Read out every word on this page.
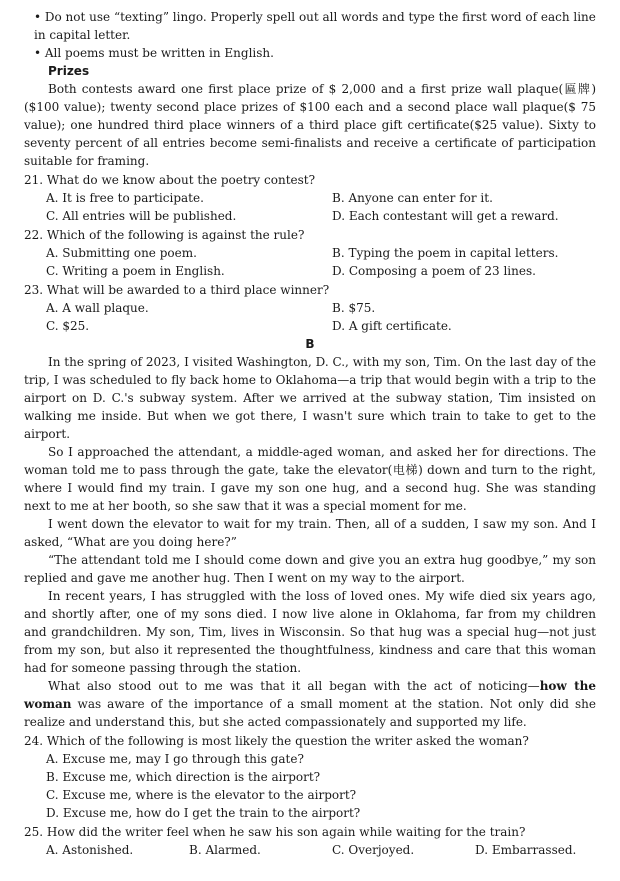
• Do not use “texting” lingo. Properly spell out all words and type the first word of each line in capital letter.

• All poems must be written in English.

Prizes

Both contests award one first place prize of $ 2,000 and a first prize wall plaque(匾牌)($100 value); twenty second place prizes of $100 each and a second place wall plaque($ 75 value); one hundred third place winners of a third place gift certificate($25 value). Sixty to seventy percent of all entries become semi-finalists and receive a certificate of participation suitable for framing.

21. What do we know about the poetry contest?

A. It is free to participate.	B. Anyone can enter for it.
C. All entries will be published.	D. Each contestant will get a reward.

22. Which of the following is against the rule?

A. Submitting one poem.	B. Typing the poem in capital letters.
C. Writing a poem in English.	D. Composing a poem of 23 lines.

23. What will be awarded to a third place winner?

A. A wall plaque.	B. $75.
C. $25.	D. A gift certificate.

B

In the spring of 2023, I visited Washington, D. C., with my son, Tim. On the last day of the trip, I was scheduled to fly back home to Oklahoma—a trip that would begin with a trip to the airport on D. C.'s subway system. After we arrived at the subway station, Tim insisted on walking me inside. But when we got there, I wasn't sure which train to take to get to the airport.

So I approached the attendant, a middle-aged woman, and asked her for directions. The woman told me to pass through the gate, take the elevator(电梯) down and turn to the right, where I would find my train. I gave my son one hug, and a second hug. She was standing next to me at her booth, so she saw that it was a special moment for me.

I went down the elevator to wait for my train. Then, all of a sudden, I saw my son. And I asked, “What are you doing here?”

“The attendant told me I should come down and give you an extra hug goodbye,” my son replied and gave me another hug. Then I went on my way to the airport.

In recent years, I has struggled with the loss of loved ones. My wife died six years ago, and shortly after, one of my sons died. I now live alone in Oklahoma, far from my children and grandchildren. My son, Tim, lives in Wisconsin. So that hug was a special hug—not just from my son, but also it represented the thoughtfulness, kindness and care that this woman had for someone passing through the station.

What also stood out to me was that it all began with the act of noticing—how the woman was aware of the importance of a small moment at the station. Not only did she realize and understand this, but she acted compassionately and supported my life.

24. Which of the following is most likely the question the writer asked the woman?

A. Excuse me, may I go through this gate?
B. Excuse me, which direction is the airport?
C. Excuse me, where is the elevator to the airport?
D. Excuse me, how do I get the train to the airport?

25. How did the writer feel when he saw his son again while waiting for the train?

A. Astonished.	B. Alarmed.	C. Overjoyed.	D. Embarrassed.
